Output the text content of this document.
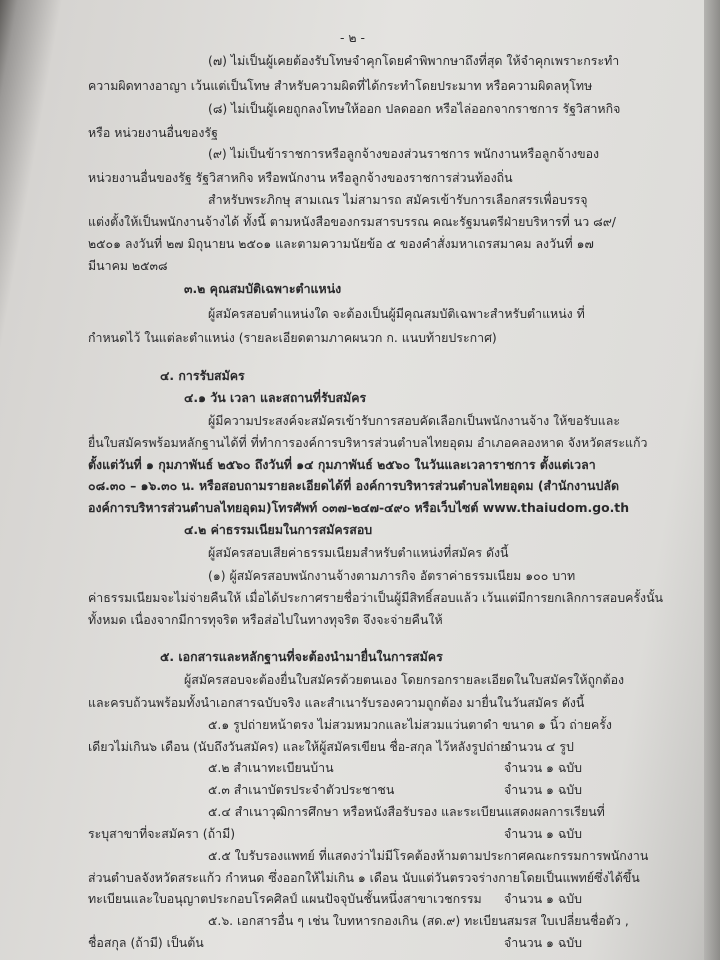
- ๒ -
(๗) ไม่เป็นผู้เคยต้องรับโทษจำคุกโดยคำพิพากษาถึงที่สุด ให้จำคุกเพราะกระทำ
ความผิดทางอาญา เว้นแต่เป็นโทษ สำหรับความผิดที่ได้กระทำโดยประมาท หรือความผิดลหุโทษ
(๘) ไม่เป็นผู้เคยถูกลงโทษให้ออก ปลดออก หรือไล่ออกจากราชการ รัฐวิสาหกิจ
หรือ หน่วยงานอื่นของรัฐ
(๙) ไม่เป็นข้าราชการหรือลูกจ้างของส่วนราชการ พนักงานหรือลูกจ้างของ
หน่วยงานอื่นของรัฐ รัฐวิสาหกิจ หรือพนักงาน หรือลูกจ้างของราชการส่วนท้องถิ่น
สำหรับพระภิกษุ สามเณร ไม่สามารถ สมัครเข้ารับการเลือกสรรเพื่อบรรจุ
แต่งตั้งให้เป็นพนักงานจ้างได้ ทั้งนี้ ตามหนังสือของกรมสารบรรณ คณะรัฐมนตรีฝ่ายบริหารที่ นว ๘๙/
๒๕๐๑ ลงวันที่ ๒๗ มิถุนายน ๒๕๐๑ และตามความนัยข้อ ๕ ของคำสั่งมหาเถรสมาคม ลงวันที่ ๑๗
มีนาคม ๒๕๓๘
๓.๒ คุณสมบัติเฉพาะตำแหน่ง
ผู้สมัครสอบตำแหน่งใด จะต้องเป็นผู้มีคุณสมบัติเฉพาะสำหรับตำแหน่ง ที่
กำหนดไว้ ในแต่ละตำแหน่ง (รายละเอียดตามภาคผนวก ก. แนบท้ายประกาศ)
๔. การรับสมัคร
๔.๑ วัน เวลา และสถานที่รับสมัคร
ผู้มีความประสงค์จะสมัครเข้ารับการสอบคัดเลือกเป็นพนักงานจ้าง ให้ขอรับและ
ยื่นใบสมัครพร้อมหลักฐานได้ที่ ที่ทำการองค์การบริหารส่วนตำบลไทยอุดม อำเภอคลองหาด จังหวัดสระแก้ว
ตั้งแต่วันที่ ๑ กุมภาพันธ์ ๒๕๖๐ ถึงวันที่ ๑๔ กุมภาพันธ์ ๒๕๖๐ ในวันและเวลาราชการ ตั้งแต่เวลา
๐๘.๓๐ – ๑๖.๓๐ น. หรือสอบถามรายละเอียดได้ที่ องค์การบริหารส่วนตำบลไทยอุดม (สำนักงานปลัด
องค์การบริหารส่วนตำบลไทยอุดม)โทรศัพท์ ๐๓๗-๒๔๗-๔๙๐ หรือเว็บไซต์ www.thaiudom.go.th
๔.๒ ค่าธรรมเนียมในการสมัครสอบ
ผู้สมัครสอบเสียค่าธรรมเนียมสำหรับตำแหน่งที่สมัคร ดังนี้
(๑) ผู้สมัครสอบพนักงานจ้างตามภารกิจ อัตราค่าธรรมเนียม ๑๐๐ บาท
ค่าธรรมเนียมจะไม่จ่ายคืนให้ เมื่อได้ประกาศรายชื่อว่าเป็นผู้มีสิทธิ์สอบแล้ว เว้นแต่มีการยกเลิกการสอบครั้งนั้น
ทั้งหมด เนื่องจากมีการทุจริต หรือส่อไปในทางทุจริต จึงจะจ่ายคืนให้
๕. เอกสารและหลักฐานที่จะต้องนำมายื่นในการสมัคร
ผู้สมัครสอบจะต้องยื่นใบสมัครด้วยตนเอง โดยกรอกรายละเอียดในใบสมัครให้ถูกต้อง
และครบถ้วนพร้อมทั้งนำเอกสารฉบับจริง และสำเนารับรองความถูกต้อง มายื่นในวันสมัคร ดังนี้
๕.๑ รูปถ่ายหน้าตรง ไม่สวมหมวกและไม่สวมแว่นตาดำ ขนาด ๑ นิ้ว ถ่ายครั้ง
เดียวไม่เกิน๖ เดือน (นับถึงวันสมัคร) และให้ผู้สมัครเขียน ชื่อ-สกุล ไว้หลังรูปถ่าย
จำนวน ๔ รูป
๕.๒ สำเนาทะเบียนบ้าน	จำนวน ๑ ฉบับ
๕.๓ สำเนาบัตรประจำตัวประชาชน	จำนวน ๑ ฉบับ
๕.๔ สำเนาวุฒิการศึกษา หรือหนังสือรับรอง และระเบียนแสดงผลการเรียนที่
ระบุสาขาที่จะสมัครา (ถ้ามี)	จำนวน ๑ ฉบับ
๕.๕ ใบรับรองแพทย์ ที่แสดงว่าไม่มีโรคต้องห้ามตามประกาศคณะกรรมการพนักงาน
ส่วนตำบลจังหวัดสระแก้ว กำหนด ซึ่งออกให้ไม่เกิน ๑ เดือน นับแต่วันตรวจร่างกายโดยเป็นแพทย์ซึ่งได้ขึ้น
ทะเบียนและใบอนุญาตประกอบโรคศิลป์ แผนปัจจุบันชั้นหนึ่งสาขาเวชกรรม จำนวน ๑ ฉบับ
๕.๖. เอกสารอื่น ๆ เช่น ใบทหารกองเกิน (สด.๙) ทะเบียนสมรส ใบเปลี่ยนชื่อตัว ,
ชื่อสกุล (ถ้ามี) เป็นต้น	จำนวน ๑ ฉบับ
